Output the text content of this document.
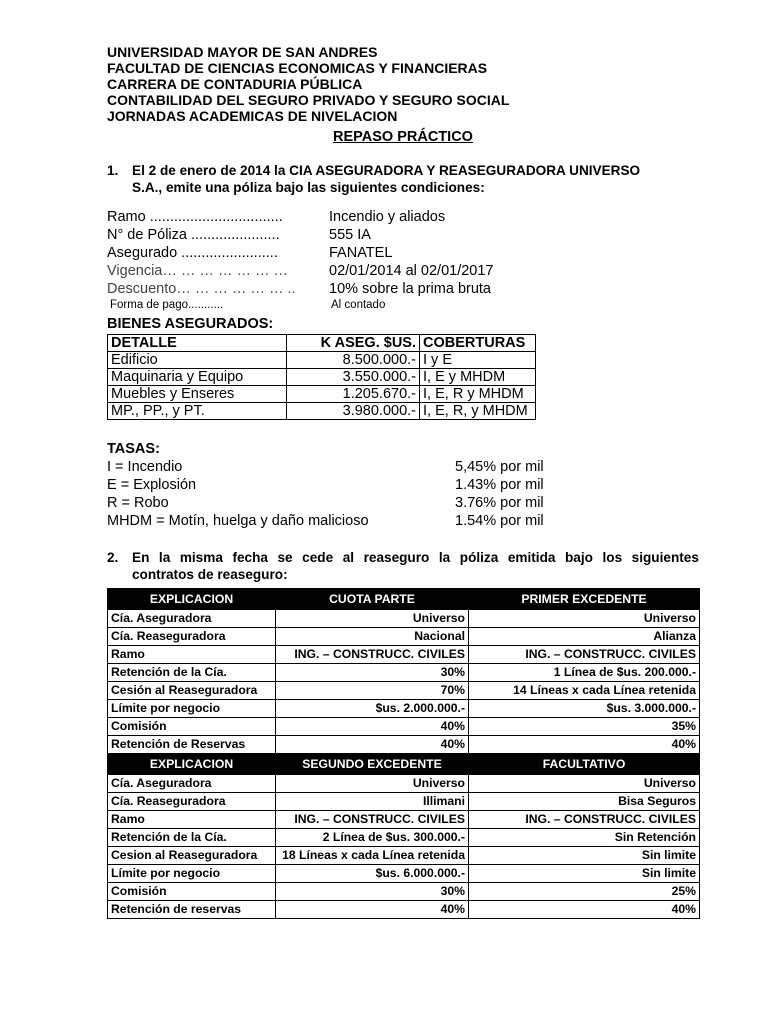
UNIVERSIDAD MAYOR DE SAN ANDRES
FACULTAD DE CIENCIAS ECONOMICAS Y FINANCIERAS
CARRERA DE CONTADURIA PÚBLICA
CONTABILIDAD DEL SEGURO PRIVADO Y SEGURO SOCIAL
JORNADAS ACADEMICAS DE NIVELACION
REPASO PRÁCTICO
1. El 2 de enero de 2014 la CIA ASEGURADORA Y REASEGURADORA UNIVERSO
S.A., emite una póliza bajo las siguientes condiciones:
Ramo .................................	Incendio y aliados
N° de Póliza ......................	555 IA
Asegurado ........................	FANATEL
Vigencia… … … … … … …	02/01/2014 al 02/01/2017
Descuento… … … … … … ..	10% sobre la prima bruta
Forma de pago...........	Al contado
BIENES ASEGURADOS:
DETALLE	K ASEG. $US.	COBERTURAS
Edificio	8.500.000.-	I y E
Maquinaria y Equipo	3.550.000.-	I, E y MHDM
Muebles y Enseres	1.205.670.-	I, E, R y MHDM
MP., PP., y PT.	3.980.000.-	I, E, R, y MHDM
TASAS:
I = Incendio	5,45% por mil
E = Explosión	1.43% por mil
R = Robo	3.76% por mil
MHDM = Motín, huelga y daño malicioso	1.54% por mil
2. En la misma fecha se cede al reaseguro la póliza emitida bajo los siguientes
contratos de reaseguro:
EXPLICACION	CUOTA PARTE	PRIMER EXCEDENTE
Cía. Aseguradora	Universo	Universo
Cía. Reaseguradora	Nacional	Alianza
Ramo	ING. – CONSTRUCC. CIVILES	ING. – CONSTRUCC. CIVILES
Retención de la Cía.	30%	1 Línea de $us. 200.000.-
Cesión al Reaseguradora	70%	14 Líneas x cada Línea retenida
Límite por negocio	$us. 2.000.000.-	$us. 3.000.000.-
Comisión	40%	35%
Retención de Reservas	40%	40%
EXPLICACION	SEGUNDO EXCEDENTE	FACULTATIVO
Cía. Aseguradora	Universo	Universo
Cía. Reaseguradora	Illimani	Bisa Seguros
Ramo	ING. – CONSTRUCC. CIVILES	ING. – CONSTRUCC. CIVILES
Retención de la Cía.	2 Línea de $us. 300.000.-	Sin Retención
Cesion al Reaseguradora	18 Líneas x cada Línea retenida	Sin limite
Límite por negocio	$us. 6.000.000.-	Sin limite
Comisión	30%	25%
Retención de reservas	40%	40%
